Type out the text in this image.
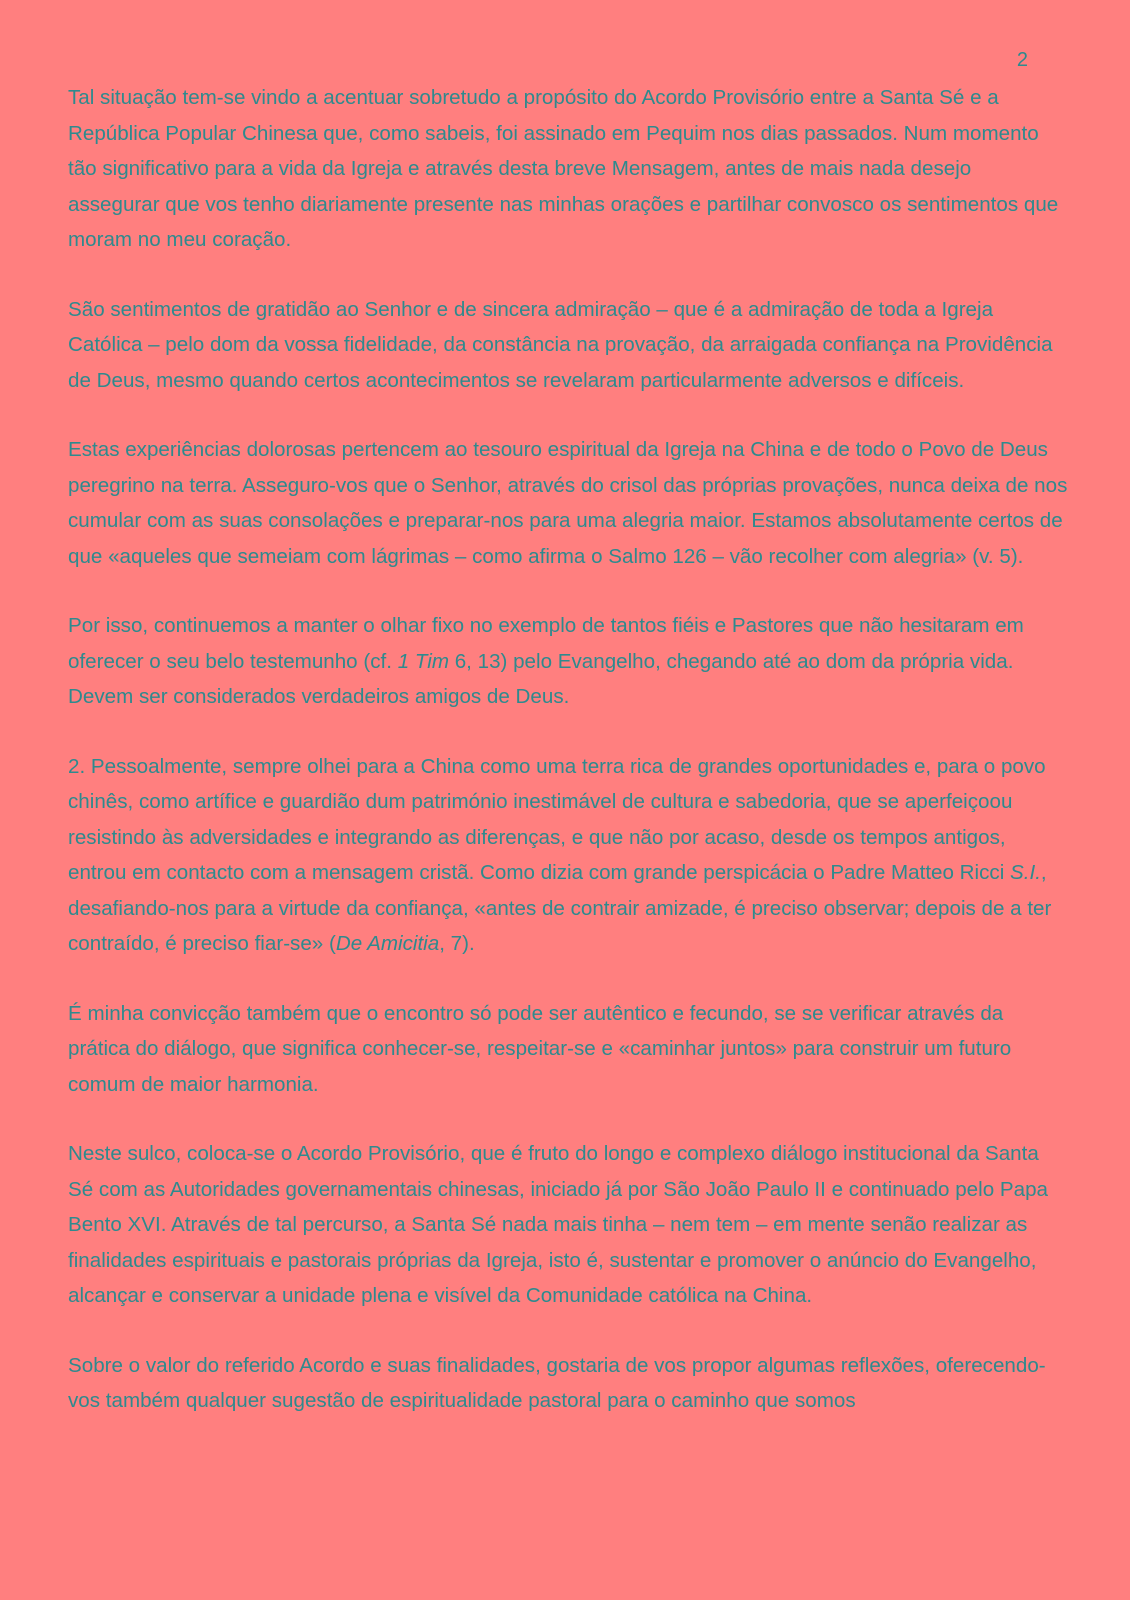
2

Tal situação tem-se vindo a acentuar sobretudo a propósito do Acordo Provisório entre a Santa Sé e a República Popular Chinesa que, como sabeis, foi assinado em Pequim nos dias passados. Num momento tão significativo para a vida da Igreja e através desta breve Mensagem, antes de mais nada desejo assegurar que vos tenho diariamente presente nas minhas orações e partilhar convosco os sentimentos que moram no meu coração.

São sentimentos de gratidão ao Senhor e de sincera admiração – que é a admiração de toda a Igreja Católica – pelo dom da vossa fidelidade, da constância na provação, da arraigada confiança na Providência de Deus, mesmo quando certos acontecimentos se revelaram particularmente adversos e difíceis.

Estas experiências dolorosas pertencem ao tesouro espiritual da Igreja na China e de todo o Povo de Deus peregrino na terra. Asseguro-vos que o Senhor, através do crisol das próprias provações, nunca deixa de nos cumular com as suas consolações e preparar-nos para uma alegria maior. Estamos absolutamente certos de que «aqueles que semeiam com lágrimas – como afirma o Salmo 126 – vão recolher com alegria» (v. 5).

Por isso, continuemos a manter o olhar fixo no exemplo de tantos fiéis e Pastores que não hesitaram em oferecer o seu belo testemunho (cf. 1 Tim 6, 13) pelo Evangelho, chegando até ao dom da própria vida. Devem ser considerados verdadeiros amigos de Deus.

2. Pessoalmente, sempre olhei para a China como uma terra rica de grandes oportunidades e, para o povo chinês, como artífice e guardião dum património inestimável de cultura e sabedoria, que se aperfeiçoou resistindo às adversidades e integrando as diferenças, e que não por acaso, desde os tempos antigos, entrou em contacto com a mensagem cristã. Como dizia com grande perspicácia o Padre Matteo Ricci S.I., desafiando-nos para a virtude da confiança, «antes de contrair amizade, é preciso observar; depois de a ter contraído, é preciso fiar-se» (De Amicitia, 7).

É minha convicção também que o encontro só pode ser autêntico e fecundo, se se verificar através da prática do diálogo, que significa conhecer-se, respeitar-se e «caminhar juntos» para construir um futuro comum de maior harmonia.

Neste sulco, coloca-se o Acordo Provisório, que é fruto do longo e complexo diálogo institucional da Santa Sé com as Autoridades governamentais chinesas, iniciado já por São João Paulo II e continuado pelo Papa Bento XVI. Através de tal percurso, a Santa Sé nada mais tinha – nem tem – em mente senão realizar as finalidades espirituais e pastorais próprias da Igreja, isto é, sustentar e promover o anúncio do Evangelho, alcançar e conservar a unidade plena e visível da Comunidade católica na China.

Sobre o valor do referido Acordo e suas finalidades, gostaria de vos propor algumas reflexões, oferecendo-vos também qualquer sugestão de espiritualidade pastoral para o caminho que somos
